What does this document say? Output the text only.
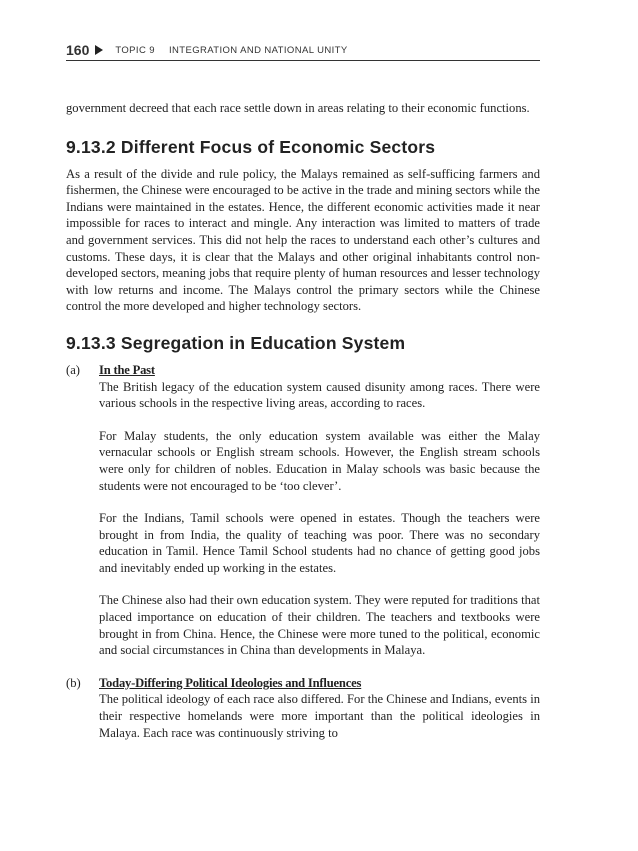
160	TOPIC 9 INTEGRATION AND NATIONAL UNITY

government decreed that each race settle down in areas relating to their economic functions.

9.13.2 Different Focus of Economic Sectors

As a result of the divide and rule policy, the Malays remained as self-sufficing farmers and fishermen, the Chinese were encouraged to be active in the trade and mining sectors while the Indians were maintained in the estates. Hence, the different economic activities made it near impossible for races to interact and mingle. Any interaction was limited to matters of trade and government services. This did not help the races to understand each other’s cultures and customs. These days, it is clear that the Malays and other original inhabitants control non-developed sectors, meaning jobs that require plenty of human resources and lesser technology with low returns and income. The Malays control the primary sectors while the Chinese control the more developed and higher technology sectors.

9.13.3 Segregation in Education System
(a)	In the Past

The British legacy of the education system caused disunity among races. There were various schools in the respective living areas, according to races.

For Malay students, the only education system available was either the Malay vernacular schools or English stream schools. However, the English stream schools were only for children of nobles. Education in Malay schools was basic because the students were not encouraged to be ‘too clever’.

For the Indians, Tamil schools were opened in estates. Though the teachers were brought in from India, the quality of teaching was poor. There was no secondary education in Tamil. Hence Tamil School students had no chance of getting good jobs and inevitably ended up working in the estates.

The Chinese also had their own education system. They were reputed for traditions that placed importance on education of their children. The teachers and textbooks were brought in from China. Hence, the Chinese were more tuned to the political, economic and social circumstances in China than developments in Malaya.

(b)	Today-Differing Political Ideologies and Influences

The political ideology of each race also differed. For the Chinese and Indians, events in their respective homelands were more important than the political ideologies in Malaya. Each race was continuously striving to
